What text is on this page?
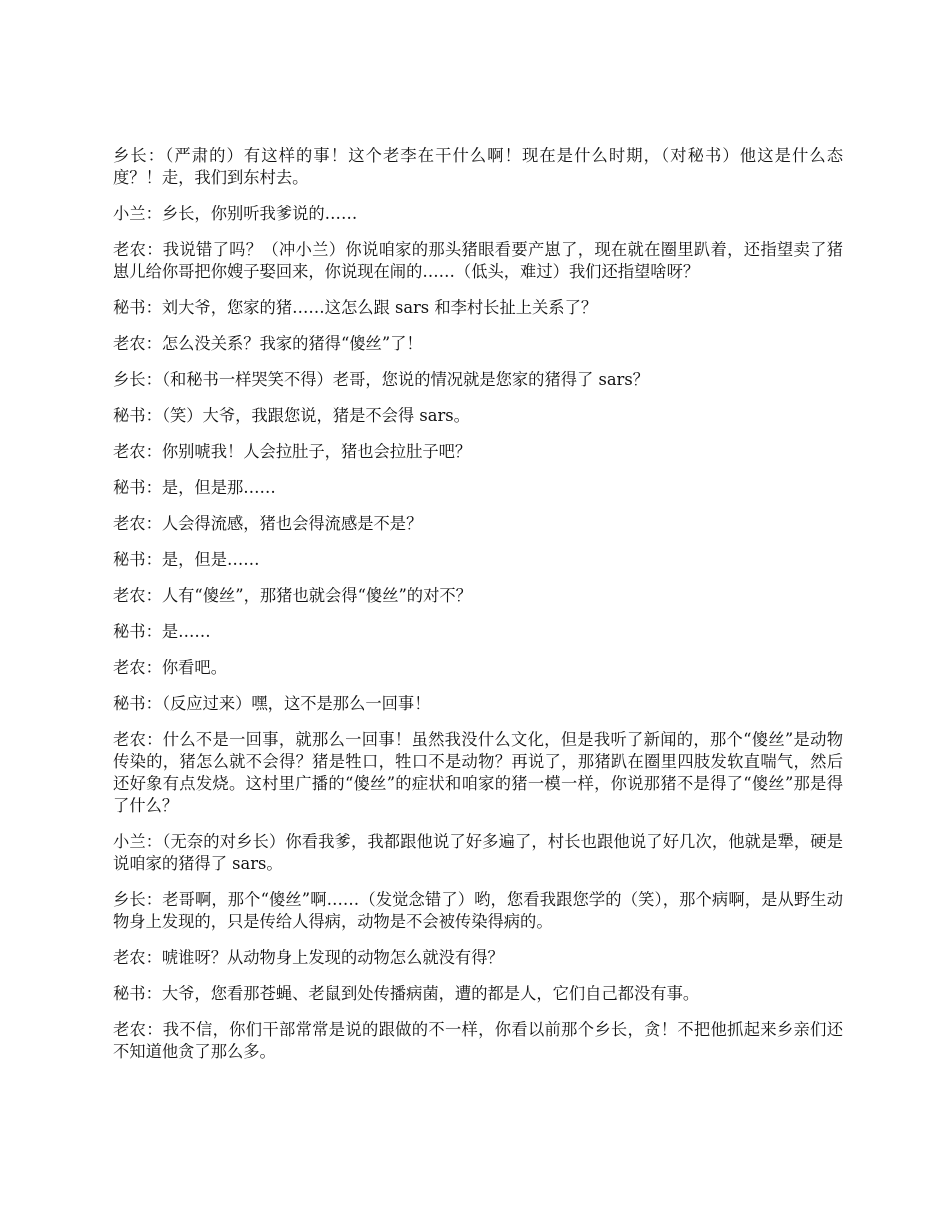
乡长：（严肃的）有这样的事！这个老李在干什么啊！现在是什么时期，（对秘书）他这是什么态度？！走，我们到东村去。

小兰：乡长，你别听我爹说的……

老农：我说错了吗？（冲小兰）你说咱家的那头猪眼看要产崽了，现在就在圈里趴着，还指望卖了猪崽儿给你哥把你嫂子娶回来，你说现在闹的……（低头，难过）我们还指望啥呀？

秘书：刘大爷，您家的猪……这怎么跟 sars 和李村长扯上关系了？

老农：怎么没关系？我家的猪得“傻丝”了！

乡长：（和秘书一样哭笑不得）老哥，您说的情况就是您家的猪得了 sars？

秘书：（笑）大爷，我跟您说，猪是不会得 sars。

老农：你别唬我！人会拉肚子，猪也会拉肚子吧？

秘书：是，但是那……

老农：人会得流感，猪也会得流感是不是？

秘书：是，但是……

老农：人有“傻丝”，那猪也就会得“傻丝”的对不？

秘书：是……

老农：你看吧。

秘书：（反应过来）嘿，这不是那么一回事！

老农：什么不是一回事，就那么一回事！虽然我没什么文化，但是我听了新闻的，那个“傻丝”是动物传染的，猪怎么就不会得？猪是牲口，牲口不是动物？再说了，那猪趴在圈里四肢发软直喘气，然后还好象有点发烧。这村里广播的“傻丝”的症状和咱家的猪一模一样，你说那猪不是得了“傻丝”那是得了什么？

小兰：（无奈的对乡长）你看我爹，我都跟他说了好多遍了，村长也跟他说了好几次，他就是犟，硬是说咱家的猪得了 sars。

乡长：老哥啊，那个“傻丝”啊……（发觉念错了）哟，您看我跟您学的（笑），那个病啊，是从野生动物身上发现的，只是传给人得病，动物是不会被传染得病的。

老农：唬谁呀？从动物身上发现的动物怎么就没有得？

秘书：大爷，您看那苍蝇、老鼠到处传播病菌，遭的都是人，它们自己都没有事。

老农：我不信，你们干部常常是说的跟做的不一样，你看以前那个乡长，贪！不把他抓起来乡亲们还不知道他贪了那么多。
